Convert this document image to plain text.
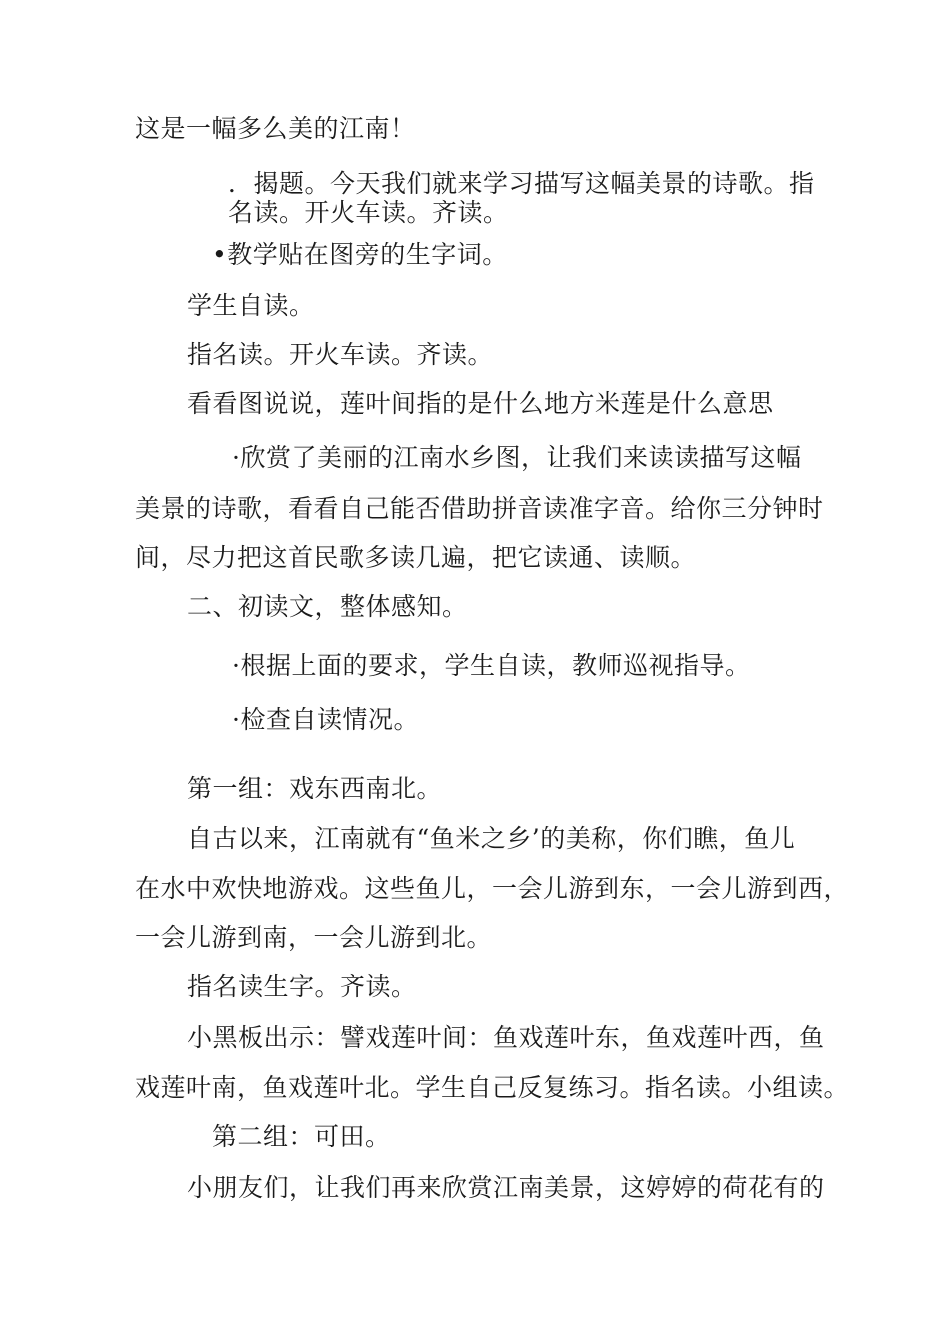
这是一幅多么美的江南！
．揭题。今天我们就来学习描写这幅美景的诗歌。指
名读。开火车读。齐读。
•教学贴在图旁的生字词。
学生自读。
指名读。开火车读。齐读。
看看图说说，莲叶间指的是什么地方米莲是什么意思
·欣赏了美丽的江南水乡图，让我们来读读描写这幅
美景的诗歌，看看自己能否借助拼音读准字音。给你三分钟时
间，尽力把这首民歌多读几遍，把它读通、读顺。
二、初读文，整体感知。
·根据上面的要求，学生自读，教师巡视指导。
·检查自读情况。
第一组：戏东西南北。
自古以来，江南就有“鱼米之乡’的美称，你们瞧，鱼儿
在水中欢快地游戏。这些鱼儿，一会儿游到东，一会儿游到西，
一会儿游到南，一会儿游到北。
指名读生字。齐读。
小黑板出示：譬戏莲叶间：鱼戏莲叶东，鱼戏莲叶西，鱼
戏莲叶南，鱼戏莲叶北。学生自己反复练习。指名读。小组读。
第二组：可田。
小朋友们，让我们再来欣赏江南美景，这婷婷的荷花有的
